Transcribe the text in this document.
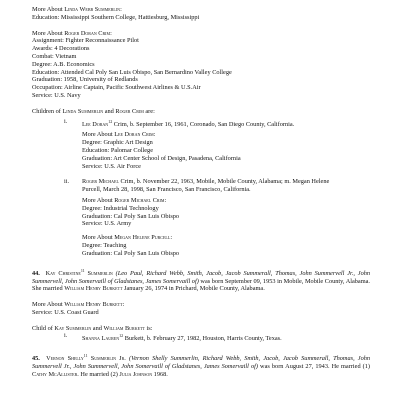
More About Linda Webb Summerlin:
Education: Mississippi Southern College, Hattiesburg, Mississippi
More About Roger Doran Crim:
Assignment: Fighter Reconnaissance Pilot
Awards: 4 Decorations
Combat: Vietnam
Degree: A.B. Economics
Education: Attended Cal Poly San Luis Obispo, San Bernardino Valley College
Graduation: 1958, University of Redlands
Occupation: Airline Captain, Pacific Southwest Airlines & U.S.Air
Service: U.S. Navy
Children of Linda Summerlin and Roger Crim are:
i.	Lee Doran$^{12}$ Crim, b. September 16, 1961, Coronado, San Diego County, California.
More About Lee Doran Crim:
Degree: Graphic Art Design
Education: Palomar College
Graduation: Art Center School of Design, Pasadena, California
Service: U.S. Air Force
ii.	Roger Michael Crim, b. November 22, 1963, Mobile, Mobile County, Alabama; m. Megan Helene
Purcell, March 28, 1998, San Francisco, San Francisco, California.
More About Roger Michael Crim:
Degree: Industrial Technology
Graduation: Cal Poly San Luis Obispo
Service: U.S. Army
More About Megan Helene Purcell:
Degree: Teaching
Graduation: Cal Poly San Luis Obispo

44. Kay Christine$^{11}$ Summerlin (Leo Paul, Richard Webb, Smith, Jacob, Jacob Summerall, Thomas, John Summervell Jr., John Summervell, John Somervaill of Gladstanes, James Somervaill of) was born September 09, 1953 in Mobile, Mobile County, Alabama. She married William Henry Burkett January 26, 1974 in Prichard, Mobile County, Alabama.

More About William Henry Burkett:
Service: U.S. Coast Guard
Child of Kay Summerlin and William Burkett is:
i.	Shanna Lauren$^{12}$ Burkett, b. February 27, 1982, Houston, Harris County, Texas.

45. Vernon Shelly$^{11}$ Summerlin Jr. (Vernon Shelly Summerlin, Richard Webb, Smith, Jacob, Jacob Summerall, Thomas, John Summervell Jr., John Summervell, John Somervaill of Gladstanes, James Somervaill of) was born August 27, 1943. He married (1) Cathy McAllister. He married (2) Julia Johnson 1968.
